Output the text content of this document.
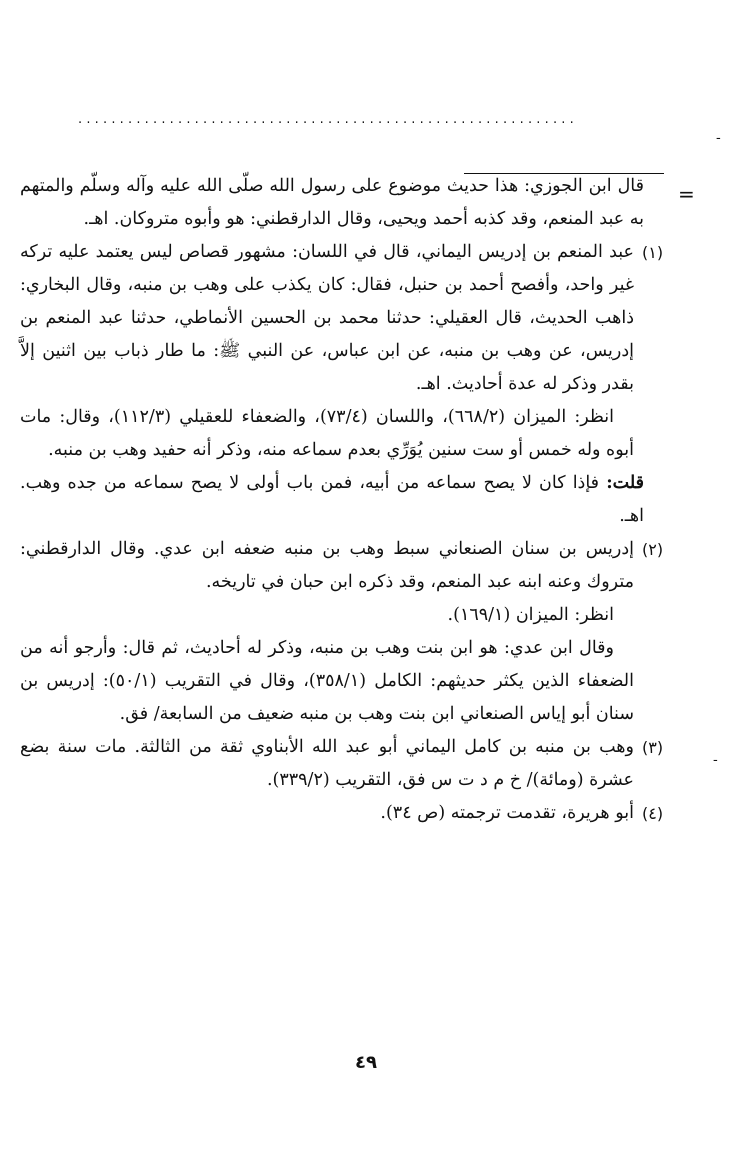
............................................................
-
=
-

قال ابن الجوزي: هذا حديث موضوع على رسول الله صلّى الله عليه وآله وسلّم والمتهم به عبد المنعم، وقد كذبه أحمد ويحيى، وقال الدارقطني: هو وأبوه متروكان. اهـ.

(١)

عبد المنعم بن إدريس اليماني، قال في اللسان: مشهور قصاص ليس يعتمد عليه تركه غير واحد، وأفصح أحمد بن حنبل، فقال: كان يكذب على وهب بن منبه، وقال البخاري: ذاهب الحديث، قال العقيلي: حدثنا محمد بن الحسين الأنماطي، حدثنا عبد المنعم بن إدريس، عن وهب بن منبه، عن ابن عباس، عن النبي ﷺ: ما طار ذباب بين اثنين إلاَّ بقدر وذكر له عدة أحاديث. اهـ.

انظر: الميزان (٦٦٨/٢)، واللسان (٧٣/٤)، والضعفاء للعقيلي (١١٢/٣)، وقال: مات أبوه وله خمس أو ست سنين يُوَرِّي بعدم سماعه منه، وذكر أنه حفيد وهب بن منبه.

قلت: فإذا كان لا يصح سماعه من أبيه، فمن باب أولى لا يصح سماعه من جده وهب. اهـ.

(٢)

إدريس بن سنان الصنعاني سبط وهب بن منبه ضعفه ابن عدي. وقال الدارقطني: متروك وعنه ابنه عبد المنعم، وقد ذكره ابن حبان في تاريخه.

انظر: الميزان (١٦٩/١).

وقال ابن عدي: هو ابن بنت وهب بن منبه، وذكر له أحاديث، ثم قال: وأرجو أنه من الضعفاء الذين يكثر حديثهم: الكامل (٣٥٨/١)، وقال في التقريب (٥٠/١): إدريس بن سنان أبو إياس الصنعاني ابن بنت وهب بن منبه ضعيف من السابعة/ فق.

(٣)

وهب بن منبه بن كامل اليماني أبو عبد الله الأبناوي ثقة من الثالثة. مات سنة بضع عشرة (ومائة)/ خ م د ت س فق، التقريب (٣٣٩/٢).

(٤)

أبو هريرة، تقدمت ترجمته (ص ٣٤).

٤٩
